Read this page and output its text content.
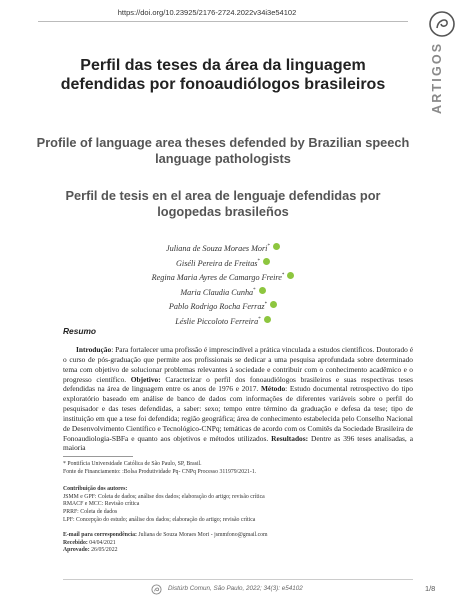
https://doi.org/10.23925/2176-2724.2022v34i3e54102
ARTIGOS
Perfil das teses da área da linguagem defendidas por fonoaudiólogos brasileiros
Profile of language area theses defended by Brazilian speech language pathologists
Perfil de tesis en el area de lenguaje defendidas por logopedas brasileños
Juliana de Souza Moraes Mori*
Giséli Pereira de Freitas*
Regina Maria Ayres de Camargo Freire*
Maria Claudia Cunha*
Pablo Rodrigo Rocha Ferraz*
Léslie Piccoloto Ferreira*
Resumo

Introdução: Para fortalecer uma profissão é imprescindível a prática vinculada a estudos científicos. Doutorado é o curso de pós-graduação que permite aos profissionais se dedicar a uma pesquisa aprofundada sobre determinado tema com objetivo de solucionar problemas relevantes à sociedade e contribuir com o conhecimento acadêmico e o progresso científico. Objetivo: Caracterizar o perfil dos fonoaudiólogos brasileiros e suas respectivas teses defendidas na área de linguagem entre os anos de 1976 e 2017. Método: Estudo documental retrospectivo do tipo exploratório baseado em análise de banco de dados com informações de diferentes variáveis sobre o perfil do pesquisador e das teses defendidas, a saber: sexo; tempo entre término da graduação e defesa da tese; tipo de instituição em que a tese foi defendida; região geográfica; área de conhecimento estabelecida pelo Conselho Nacional de Desenvolvimento Científico e Tecnológico-CNPq; temáticas de acordo com os Comitês da Sociedade Brasileira de Fonoaudiologia-SBFa e quanto aos objetivos e métodos utilizados. Resultados: Dentre as 396 teses analisadas, a maioria

* Pontifícia Universidade Católica de São Paulo, SP, Brasil.
Fonte de Financiamento: :Bolsa Produtividade Pq- CNPq Processo 311979/2021-1.
Contribuição dos autores:
JSMM e GPF: Coleta de dados; análise dos dados; elaboração do artigo; revisão crítica
RMACF e MCC: Revisão crítica
PRRF: Coleta de dados
LPF: Concepção do estudo; análise dos dados; elaboração do artigo; revisão crítica
E-mail para correspondência: Juliana de Souza Moraes Mori - jsmmfono@gmail.com
Recebido: 04/04/2021
Aprovado: 26/05/2022
Distúrb Comun, São Paulo, 2022; 34(3): e54102	1/8
